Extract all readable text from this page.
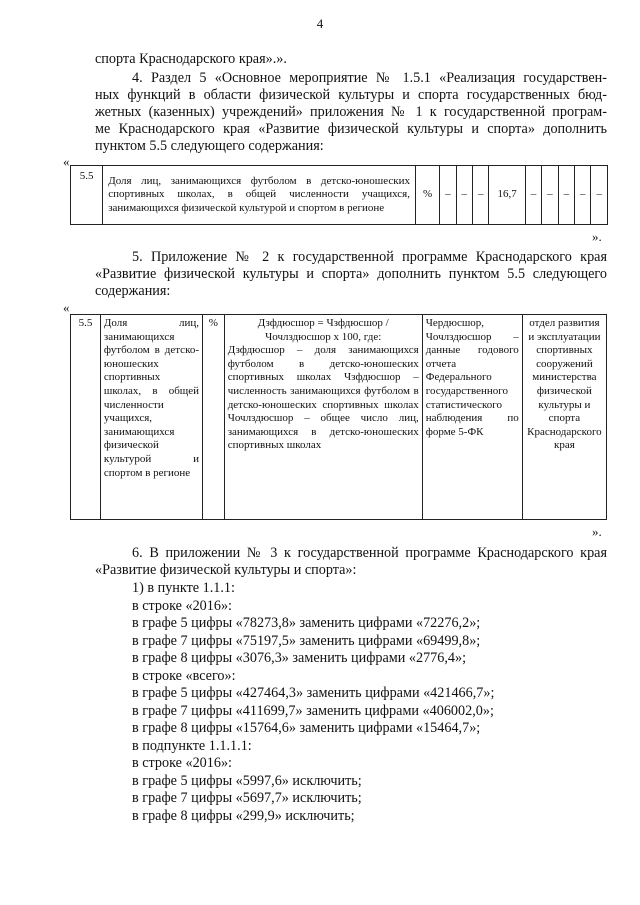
4
спорта Краснодарского края».».
4. Раздел 5 «Основное мероприятие № 1.5.1 «Реализация государствен-
ных функций в области физической культуры и спорта государственных бюд-
жетных (казенных) учреждений» приложения № 1 к государственной програм-
ме Краснодарского края «Развитие физической культуры и спорта» дополнить
пунктом 5.5 следующего содержания:
«
5.5	Доля лиц, занимающихся футболом в детско-юношеских спортивных школах, в общей численности учащихся, занимающихся физической культурой и спортом в регионе	%	–	–	–	16,7	–	–	–	–	–
».
5. Приложение № 2 к государственной программе Краснодарского края
«Развитие физической культуры и спорта» дополнить пунктом 5.5 следующего
содержания:
«
5.5	Доля лиц, занимающихся футболом в детско-юношеских спортивных школах, в общей численности учащихся, занимающихся физической культурой и спортом в регионе	%	Дзфдюсшор = Чзфдюсшор /
Чочлздюсшор х 100, где:
Дзфдюсшор – доля занимающихся футболом в детско-юношеских спортивных школах Чзфдюсшор – численность занимающихся футболом в детско-юношеских спортивных школах Чочлздюсшор – общее число лиц, занимающихся в детско-юношеских спортивных школах	Чердюсшор, Чочлздюсшор – данные годового отчета Федерального государственного статистического наблюдения по форме 5-ФК	отдел развития и эксплуатации спортивных сооружений министерства физической культуры и спорта Краснодарского края
».
6. В приложении № 3 к государственной программе Краснодарского края
«Развитие физической культуры и спорта»:
1) в пункте 1.1.1:
в строке «2016»:
в графе 5 цифры «78273,8» заменить цифрами «72276,2»;
в графе 7 цифры «75197,5» заменить цифрами «69499,8»;
в графе 8 цифры «3076,3» заменить цифрами «2776,4»;
в строке «всего»:
в графе 5 цифры «427464,3» заменить цифрами «421466,7»;
в графе 7 цифры «411699,7» заменить цифрами «406002,0»;
в графе 8 цифры «15764,6» заменить цифрами «15464,7»;
в подпункте 1.1.1.1:
в строке «2016»:
в графе 5 цифры «5997,6» исключить;
в графе 7 цифры «5697,7» исключить;
в графе 8 цифры «299,9» исключить;
